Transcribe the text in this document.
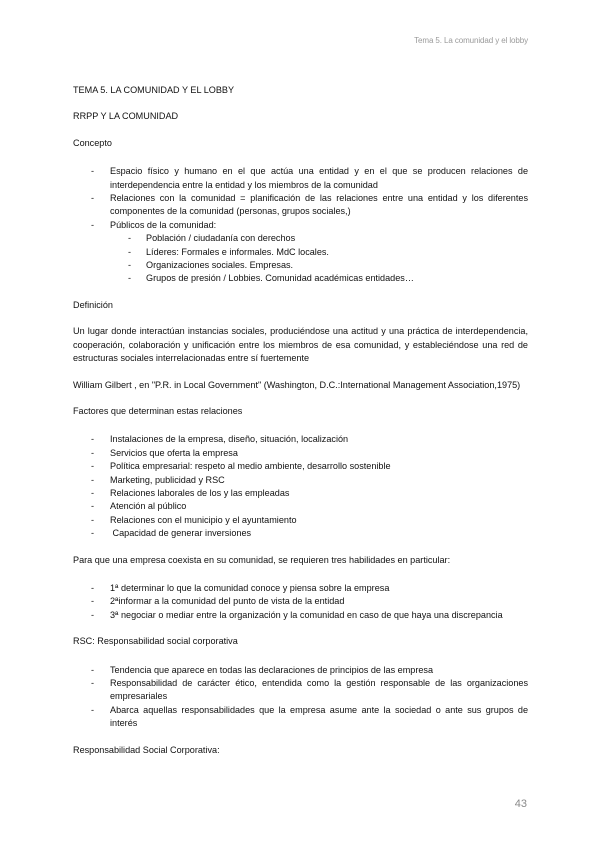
Tema 5. La comunidad y el lobby

TEMA 5. LA COMUNIDAD Y EL LOBBY

RRPP Y LA COMUNIDAD

Concepto

- Espacio físico y humano en el que actúa una entidad y en el que se producen relaciones de interdependencia entre la entidad y los miembros de la comunidad
- Relaciones con la comunidad = planificación de las relaciones entre una entidad y los diferentes componentes de la comunidad (personas, grupos sociales,)
- Públicos de la comunidad:
- Población / ciudadanía con derechos
- Líderes: Formales e informales. MdC locales.
- Organizaciones sociales. Empresas.
- Grupos de presión / Lobbies. Comunidad académicas entidades…

Definición

Un lugar donde interactúan instancias sociales, produciéndose una actitud y una práctica de interdependencia, cooperación, colaboración y unificación entre los miembros de esa comunidad, y estableciéndose una red de estructuras sociales interrelacionadas entre sí fuertemente

William Gilbert , en "P.R. in Local Government" (Washington, D.C.:International Management Association,1975)

Factores que determinan estas relaciones

- Instalaciones de la empresa, diseño, situación, localización
- Servicios que oferta la empresa
- Política empresarial: respeto al medio ambiente, desarrollo sostenible
- Marketing, publicidad y RSC
- Relaciones laborales de los y las empleadas
- Atención al público
- Relaciones con el municipio y el ayuntamiento
-  Capacidad de generar inversiones

Para que una empresa coexista en su comunidad, se requieren tres habilidades en particular:

- 1ª determinar lo que la comunidad conoce y piensa sobre la empresa
- 2ªinformar a la comunidad del punto de vista de la entidad
- 3ª negociar o mediar entre la organización y la comunidad en caso de que haya una discrepancia

RSC: Responsabilidad social corporativa

- Tendencia que aparece en todas las declaraciones de principios de las empresa
- Responsabilidad de carácter ético, entendida como la gestión responsable de las organizaciones empresariales
- Abarca aquellas responsabilidades que la empresa asume ante la sociedad o ante sus grupos de interés

Responsabilidad Social Corporativa:

43
